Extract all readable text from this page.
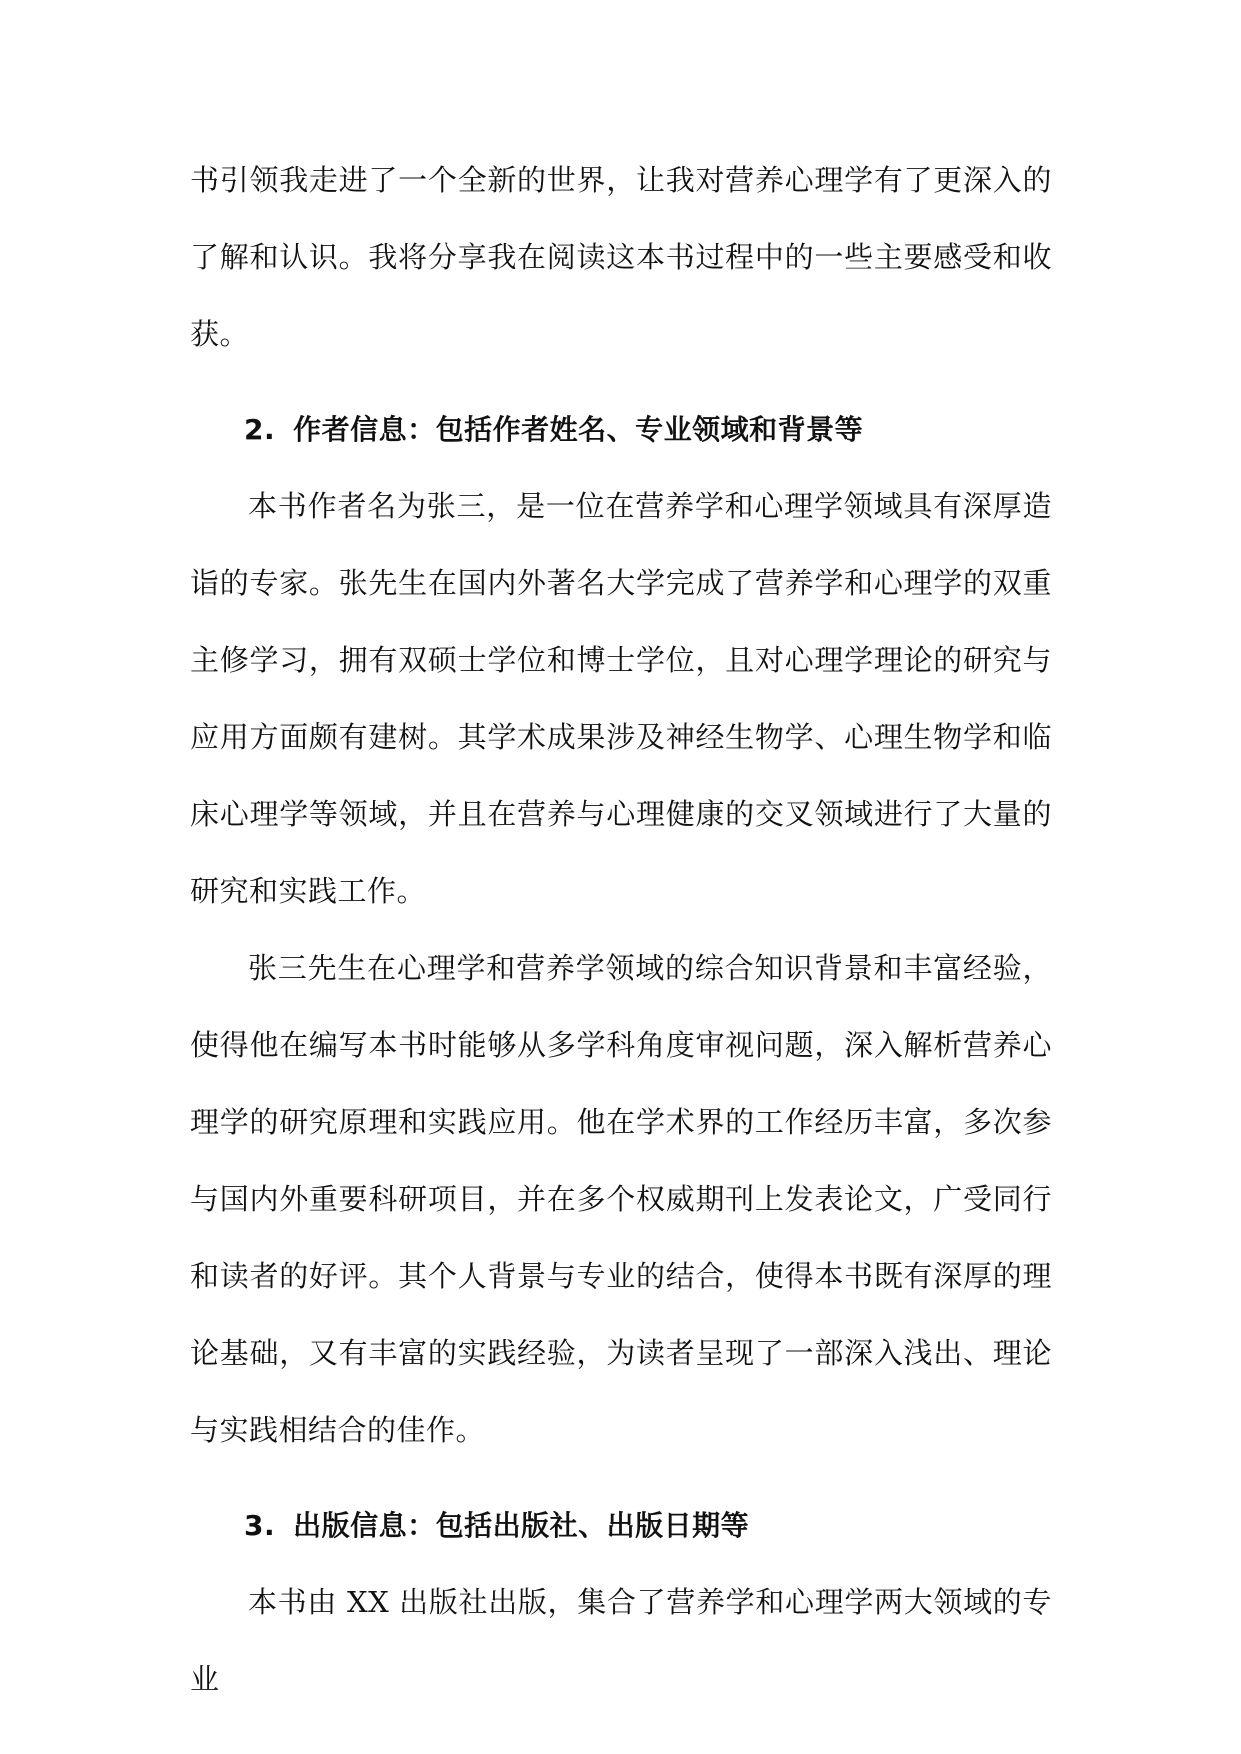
书引领我走进了一个全新的世界，让我对营养心理学有了更深入的了解和认识。我将分享我在阅读这本书过程中的一些主要感受和收获。

2. 作者信息：包括作者姓名、专业领域和背景等

本书作者名为张三，是一位在营养学和心理学领域具有深厚造诣的专家。张先生在国内外著名大学完成了营养学和心理学的双重主修学习，拥有双硕士学位和博士学位，且对心理学理论的研究与应用方面颇有建树。其学术成果涉及神经生物学、心理生物学和临床心理学等领域，并且在营养与心理健康的交叉领域进行了大量的研究和实践工作。

张三先生在心理学和营养学领域的综合知识背景和丰富经验，使得他在编写本书时能够从多学科角度审视问题，深入解析营养心理学的研究原理和实践应用。他在学术界的工作经历丰富，多次参与国内外重要科研项目，并在多个权威期刊上发表论文，广受同行和读者的好评。其个人背景与专业的结合，使得本书既有深厚的理论基础，又有丰富的实践经验，为读者呈现了一部深入浅出、理论与实践相结合的佳作。

3. 出版信息：包括出版社、出版日期等

本书由 XX 出版社出版，集合了营养学和心理学两大领域的专业
